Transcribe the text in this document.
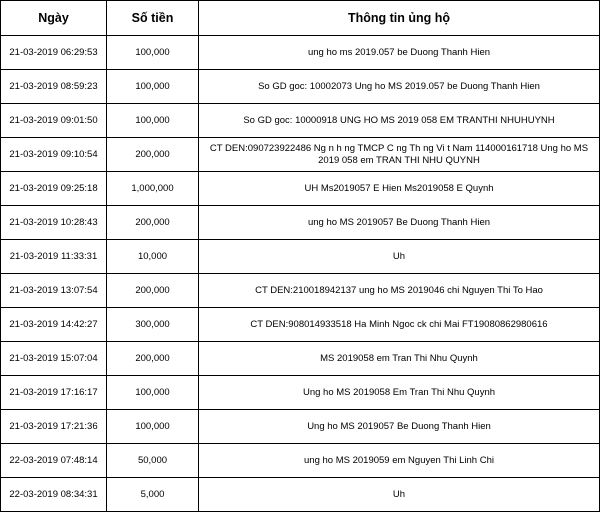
Ngày	Số tiền	Thông tin ủng hộ
21-03-2019 06:29:53	100,000	ung ho ms 2019.057 be Duong Thanh Hien
21-03-2019 08:59:23	100,000	So GD goc: 10002073 Ung ho MS 2019.057 be Duong Thanh Hien
21-03-2019 09:01:50	100,000	So GD goc: 10000918 UNG HO MS 2019 058 EM TRANTHI NHUHUYNH
21-03-2019 09:10:54	200,000	CT DEN:090723922486 Ng n h ng TMCP C ng Th ng Vi t Nam 114000161718 Ung ho MS 2019 058 em TRAN THI NHU QUYNH
21-03-2019 09:25:18	1,000,000	UH Ms2019057 E Hien Ms2019058 E Quynh
21-03-2019 10:28:43	200,000	ung ho MS 2019057 Be Duong Thanh Hien
21-03-2019 11:33:31	10,000	Uh
21-03-2019 13:07:54	200,000	CT DEN:210018942137 ung ho MS 2019046 chi Nguyen Thi To Hao
21-03-2019 14:42:27	300,000	CT DEN:908014933518 Ha Minh Ngoc ck chi Mai FT19080862980616
21-03-2019 15:07:04	200,000	MS 2019058 em Tran Thi Nhu Quynh
21-03-2019 17:16:17	100,000	Ung ho MS 2019058 Em Tran Thi Nhu Quynh
21-03-2019 17:21:36	100,000	Ung ho MS 2019057 Be Duong Thanh Hien
22-03-2019 07:48:14	50,000	ung ho MS 2019059 em Nguyen Thi Linh Chi
22-03-2019 08:34:31	5,000	Uh
